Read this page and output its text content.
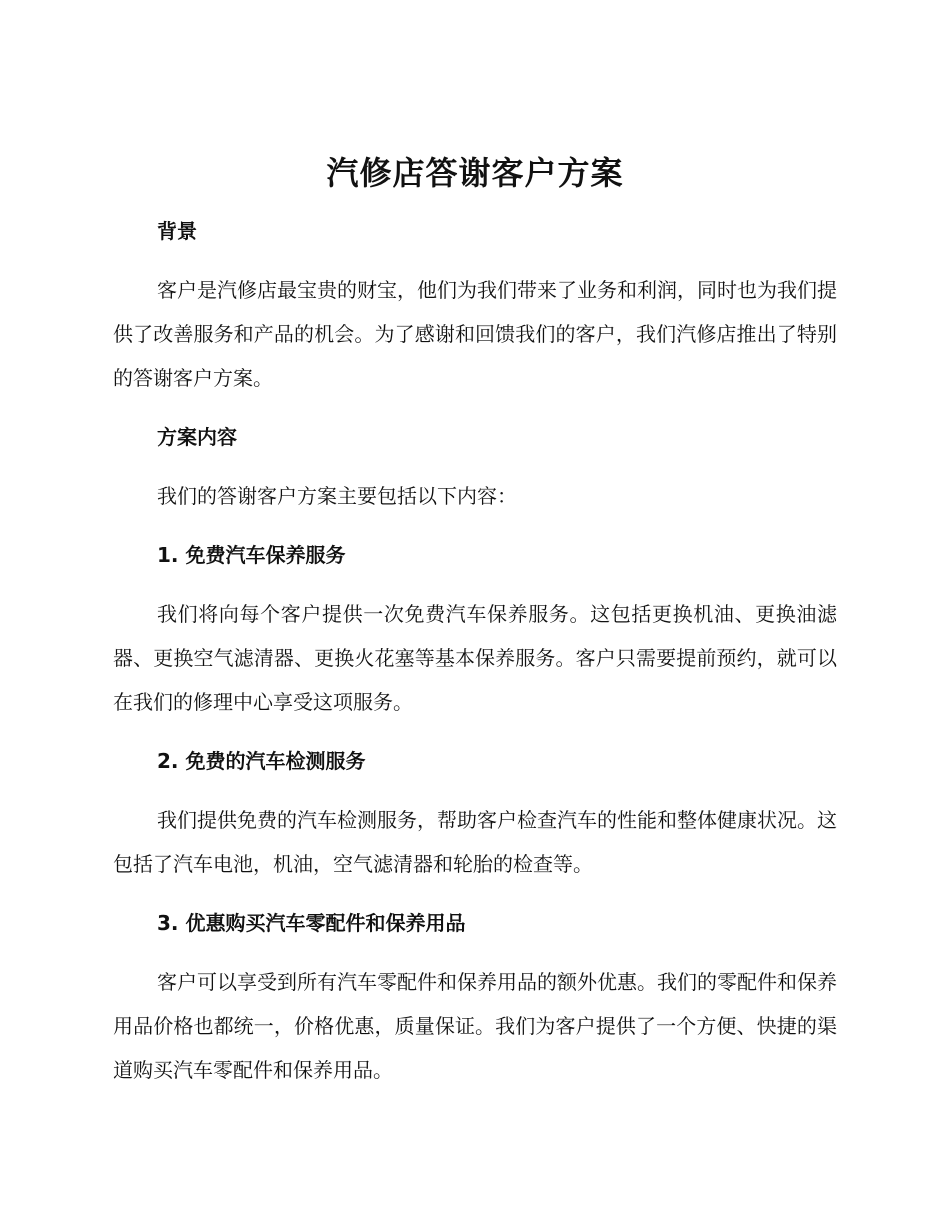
汽修店答谢客户方案
背景

客户是汽修店最宝贵的财宝，他们为我们带来了业务和利润，同时也为我们提供了改善服务和产品的机会。为了感谢和回馈我们的客户，我们汽修店推出了特别的答谢客户方案。

方案内容

我们的答谢客户方案主要包括以下内容：

1. 免费汽车保养服务

我们将向每个客户提供一次免费汽车保养服务。这包括更换机油、更换油滤器、更换空气滤清器、更换火花塞等基本保养服务。客户只需要提前预约，就可以在我们的修理中心享受这项服务。

2. 免费的汽车检测服务

我们提供免费的汽车检测服务，帮助客户检查汽车的性能和整体健康状况。这包括了汽车电池，机油，空气滤清器和轮胎的检查等。

3. 优惠购买汽车零配件和保养用品

客户可以享受到所有汽车零配件和保养用品的额外优惠。我们的零配件和保养用品价格也都统一，价格优惠，质量保证。我们为客户提供了一个方便、快捷的渠道购买汽车零配件和保养用品。
